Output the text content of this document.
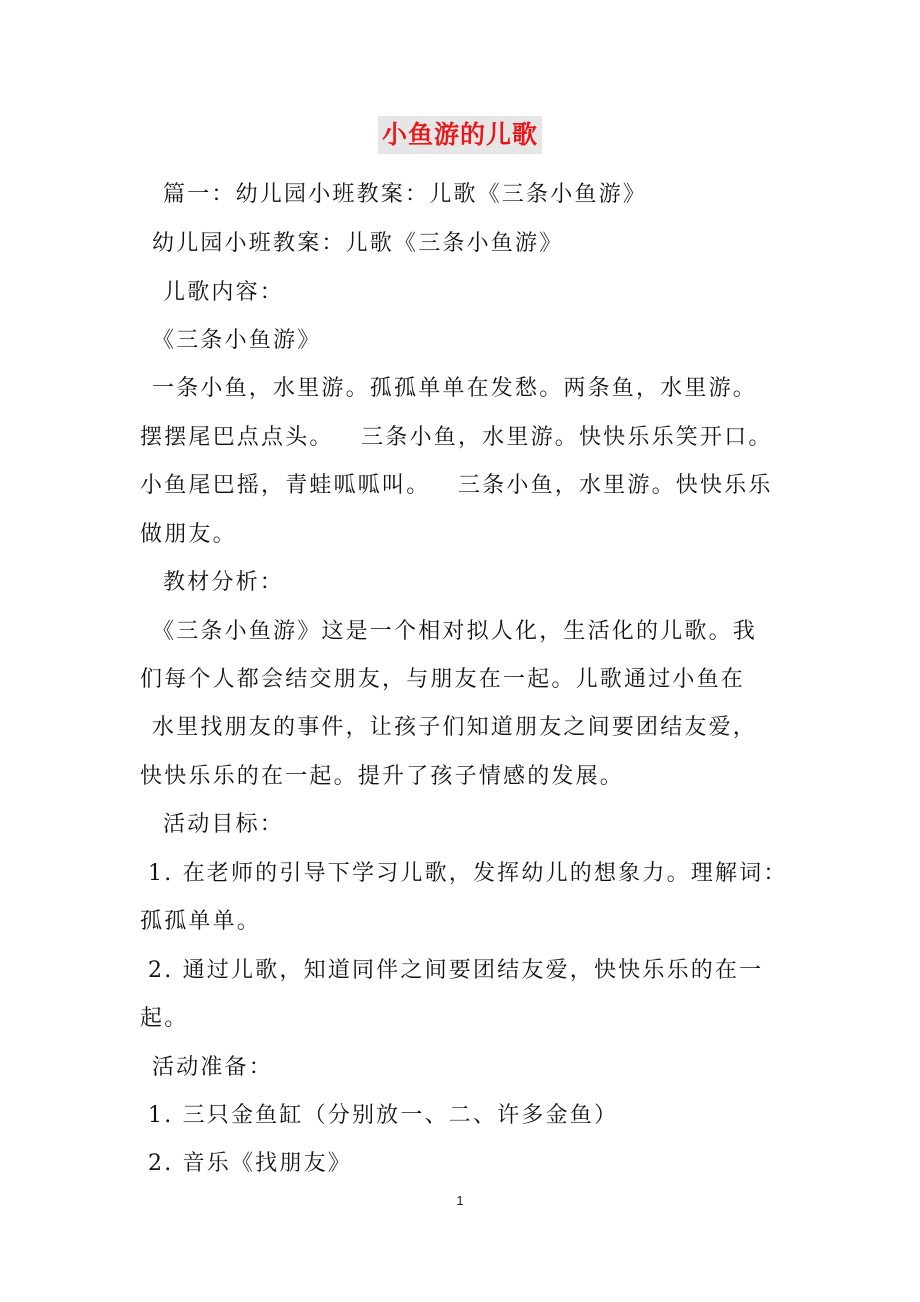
小鱼游的儿歌
篇一：幼儿园小班教案：儿歌《三条小鱼游》
幼儿园小班教案：儿歌《三条小鱼游》
儿歌内容：
《三条小鱼游》
一条小鱼，水里游。孤孤单单在发愁。两条鱼，水里游。
摆摆尾巴点点头。   三条小鱼，水里游。快快乐乐笑开口。
小鱼尾巴摇，青蛙呱呱叫。   三条小鱼，水里游。快快乐乐
做朋友。
教材分析：
《三条小鱼游》这是一个相对拟人化，生活化的儿歌。我
们每个人都会结交朋友，与朋友在一起。儿歌通过小鱼在
水里找朋友的事件，让孩子们知道朋友之间要团结友爱，
快快乐乐的在一起。提升了孩子情感的发展。
活动目标：
1. 在老师的引导下学习儿歌，发挥幼儿的想象力。理解词：
孤孤单单。
2. 通过儿歌，知道同伴之间要团结友爱，快快乐乐的在一
起。
活动准备：
1. 三只金鱼缸（分别放一、二、许多金鱼）
2. 音乐《找朋友》
1
